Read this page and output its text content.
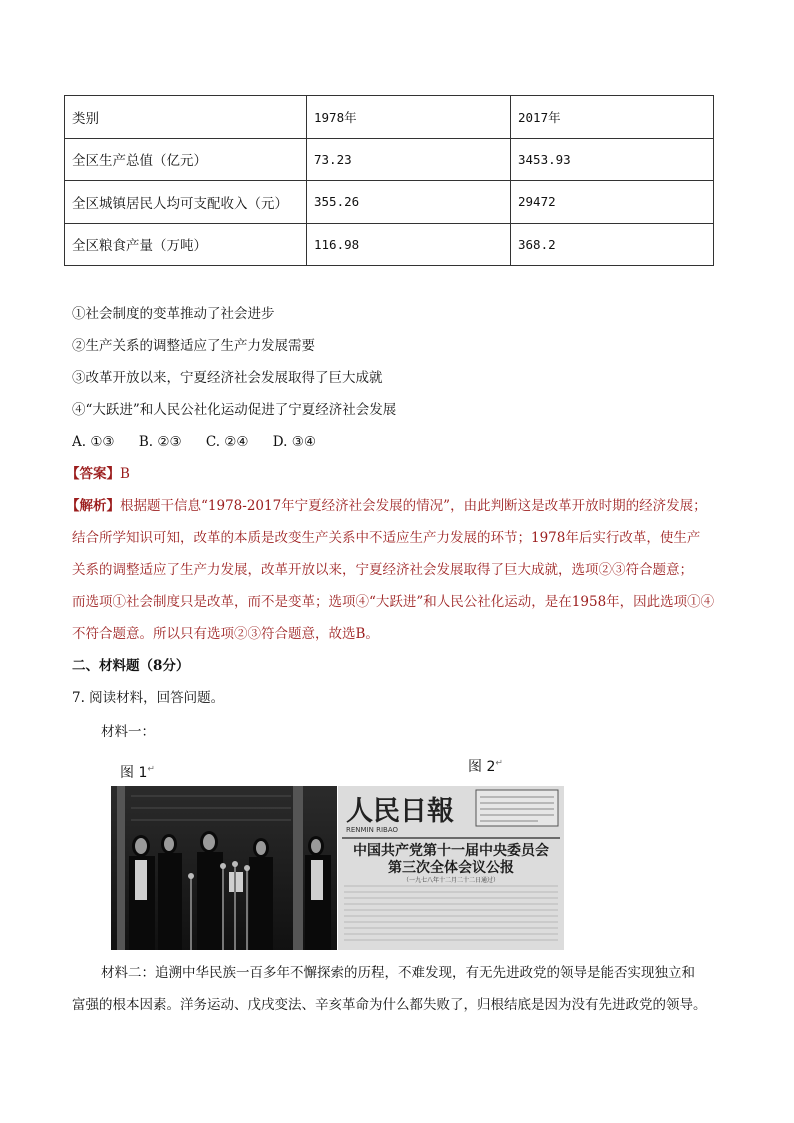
类别	1978年	2017年
全区生产总值（亿元）	73.23	3453.93
全区城镇居民人均可支配收入（元）	355.26	29472
全区粮食产量（万吨）	116.98	368.2
①社会制度的变革推动了社会进步
②生产关系的调整适应了生产力发展需要
③改革开放以来，宁夏经济社会发展取得了巨大成就
④“大跃进”和人民公社化运动促进了宁夏经济社会发展
A. ①③ B. ②③ C. ②④ D. ③④
【答案】B
【解析】根据题干信息“1978-2017年宁夏经济社会发展的情况”，由此判断这是改革开放时期的经济发展；
结合所学知识可知，改革的本质是改变生产关系中不适应生产力发展的环节；1978年后实行改革，使生产
关系的调整适应了生产力发展，改革开放以来，宁夏经济社会发展取得了巨大成就，选项②③符合题意；
而选项①社会制度只是改革，而不是变革；选项④“大跃进”和人民公社化运动，是在1958年，因此选项①④
不符合题意。所以只有选项②③符合题意，故选B。
二、材料题（8分）
7. 阅读材料，回答问题。
材料一：
图 1↵	图 2↵
人民日報
RENMIN RIBAO
中国共产党第十一届中央委员会
第三次全体会议公报
（一九七八年十二月二十二日通过）
材料二：追溯中华民族一百多年不懈探索的历程，不难发现，有无先进政党的领导是能否实现独立和
富强的根本因素。洋务运动、戊戌变法、辛亥革命为什么都失败了，归根结底是因为没有先进政党的领导。
